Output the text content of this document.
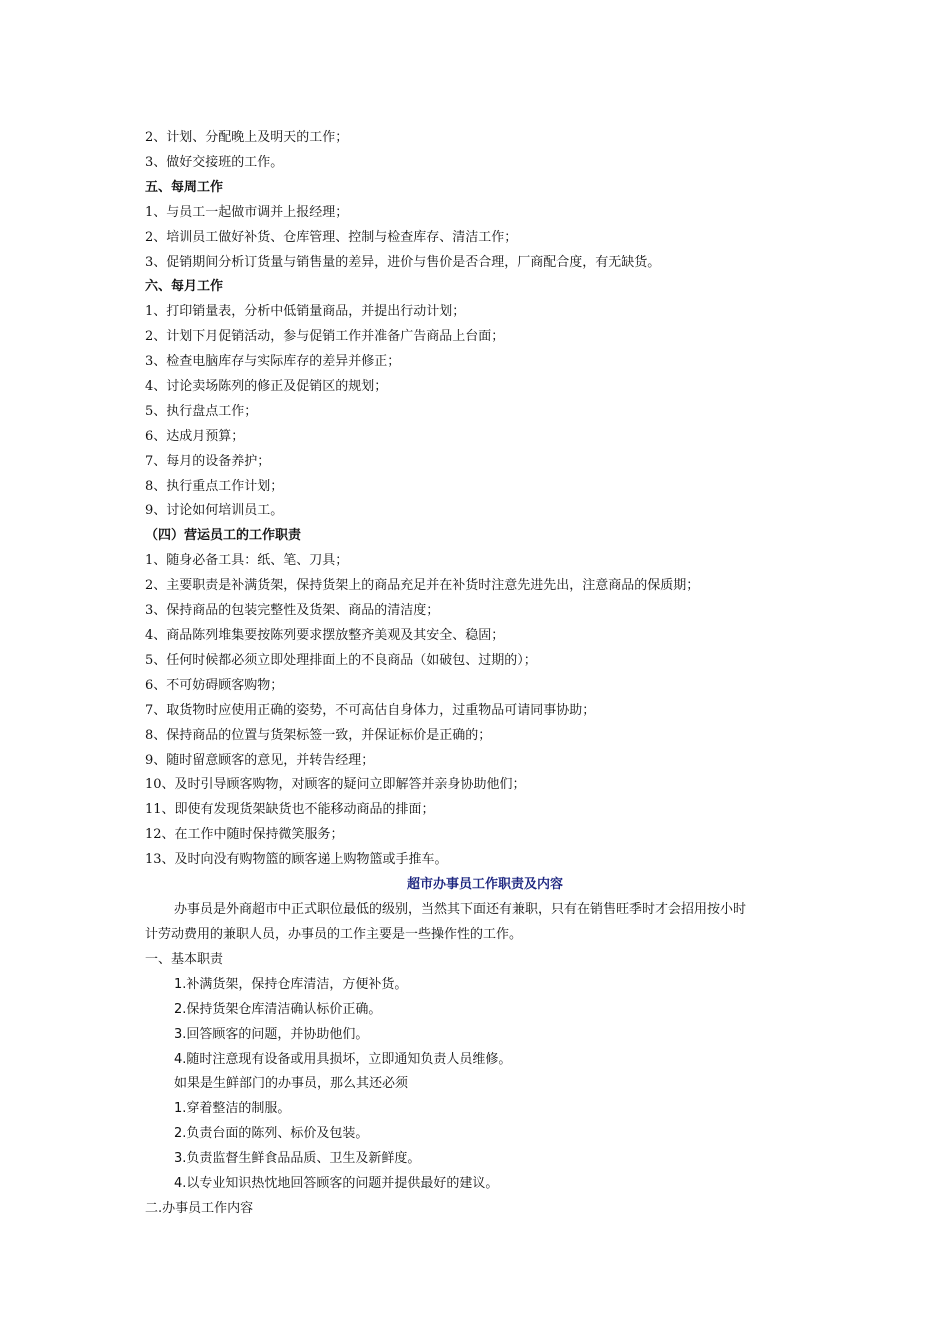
2、计划、分配晚上及明天的工作；
3、做好交接班的工作。
五、每周工作
1、与员工一起做市调并上报经理；
2、培训员工做好补货、仓库管理、控制与检查库存、清洁工作；
3、促销期间分析订货量与销售量的差异，进价与售价是否合理，厂商配合度，有无缺货。
六、每月工作
1、打印销量表，分析中低销量商品，并提出行动计划；
2、计划下月促销活动，参与促销工作并准备广告商品上台面；
3、检查电脑库存与实际库存的差异并修正；
4、讨论卖场陈列的修正及促销区的规划；
5、执行盘点工作；
6、达成月预算；
7、每月的设备养护；
8、执行重点工作计划；
9、讨论如何培训员工。
（四）营运员工的工作职责
1、随身必备工具：纸、笔、刀具；
2、主要职责是补满货架，保持货架上的商品充足并在补货时注意先进先出，注意商品的保质期；
3、保持商品的包装完整性及货架、商品的清洁度；
4、商品陈列堆集要按陈列要求摆放整齐美观及其安全、稳固；
5、任何时候都必须立即处理排面上的不良商品（如破包、过期的）；
6、不可妨碍顾客购物；
7、取货物时应使用正确的姿势，不可高估自身体力，过重物品可请同事协助；
8、保持商品的位置与货架标签一致，并保证标价是正确的；
9、随时留意顾客的意见，并转告经理；
10、及时引导顾客购物，对顾客的疑问立即解答并亲身协助他们；
11、即使有发现货架缺货也不能移动商品的排面；
12、在工作中随时保持微笑服务；
13、及时向没有购物篮的顾客递上购物篮或手推车。
超市办事员工作职责及内容
办事员是外商超市中正式职位最低的级别，当然其下面还有兼职，只有在销售旺季时才会招用按小时
计劳动费用的兼职人员，办事员的工作主要是一些操作性的工作。
一、基本职责
1.补满货架，保持仓库清洁，方便补货。
2.保持货架仓库清洁确认标价正确。
3.回答顾客的问题，并协助他们。
4.随时注意现有设备或用具损坏，立即通知负责人员维修。
如果是生鲜部门的办事员，那么其还必须
1.穿着整洁的制服。
2.负责台面的陈列、标价及包装。
3.负责监督生鲜食品品质、卫生及新鲜度。
4.以专业知识热忱地回答顾客的问题并提供最好的建议。
二.办事员工作内容
